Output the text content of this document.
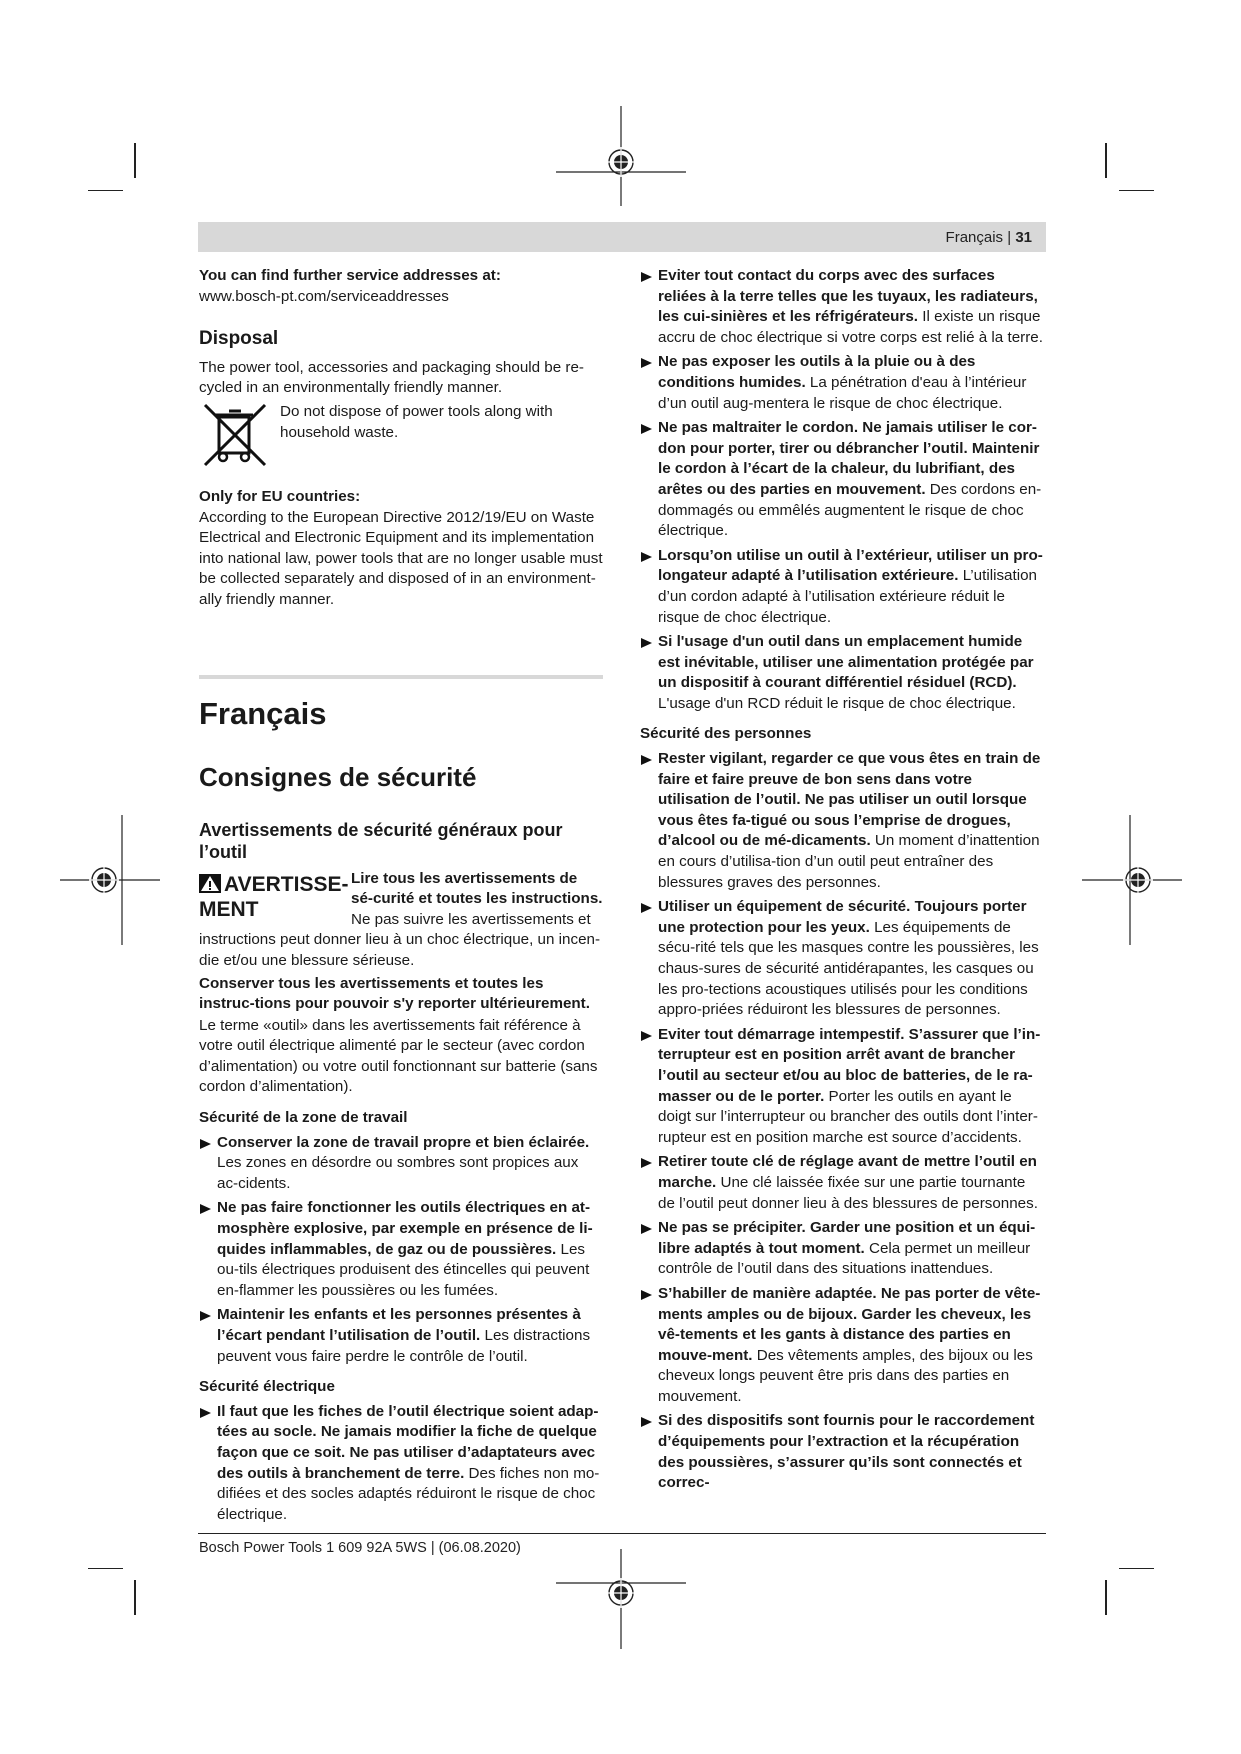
Français | 31

You can find further service addresses at:

www.bosch-pt.com/serviceaddresses

Disposal

The power tool, accessories and packaging should be re-cycled in an environmentally friendly manner.

Do not dispose of power tools along with household waste.

Only for EU countries:

According to the European Directive 2012/19/EU on Waste Electrical and Electronic Equipment and its implementation into national law, power tools that are no longer usable must be collected separately and disposed of in an environment-ally friendly manner.

Français
Consignes de sécurité
Avertissements de sécurité généraux pour l’outil
AVERTISSE-MENT

Lire tous les avertissements de sé-curité et toutes les instructions.

Ne pas suivre les avertissements et instructions peut donner lieu à un choc électrique, un incen-die et/ou une blessure sérieuse.

Conserver tous les avertissements et toutes les instruc-tions pour pouvoir s'y reporter ultérieurement.

Le terme «outil» dans les avertissements fait référence à votre outil électrique alimenté par le secteur (avec cordon d’alimentation) ou votre outil fonctionnant sur batterie (sans cordon d’alimentation).

Sécurité de la zone de travail

Conserver la zone de travail propre et bien éclairée. Les zones en désordre ou sombres sont propices aux ac-cidents.
Ne pas faire fonctionner les outils électriques en at-mosphère explosive, par exemple en présence de li-quides inflammables, de gaz ou de poussières. Les ou-tils électriques produisent des étincelles qui peuvent en-flammer les poussières ou les fumées.
Maintenir les enfants et les personnes présentes à l’écart pendant l’utilisation de l’outil. Les distractions peuvent vous faire perdre le contrôle de l’outil.

Sécurité électrique

Il faut que les fiches de l’outil électrique soient adap-tées au socle. Ne jamais modifier la fiche de quelque façon que ce soit. Ne pas utiliser d’adaptateurs avec des outils à branchement de terre. Des fiches non mo-difiées et des socles adaptés réduiront le risque de choc électrique.
Eviter tout contact du corps avec des surfaces reliées à la terre telles que les tuyaux, les radiateurs, les cui-sinières et les réfrigérateurs. Il existe un risque accru de choc électrique si votre corps est relié à la terre.
Ne pas exposer les outils à la pluie ou à des conditions humides. La pénétration d'eau à l’intérieur d’un outil aug-mentera le risque de choc électrique.
Ne pas maltraiter le cordon. Ne jamais utiliser le cor-don pour porter, tirer ou débrancher l’outil. Maintenir le cordon à l’écart de la chaleur, du lubrifiant, des arêtes ou des parties en mouvement. Des cordons en-dommagés ou emmêlés augmentent le risque de choc électrique.
Lorsqu’on utilise un outil à l’extérieur, utiliser un pro-longateur adapté à l’utilisation extérieure. L’utilisation d’un cordon adapté à l’utilisation extérieure réduit le risque de choc électrique.
Si l'usage d'un outil dans un emplacement humide est inévitable, utiliser une alimentation protégée par un dispositif à courant différentiel résiduel (RCD). L'usage d'un RCD réduit le risque de choc électrique.

Sécurité des personnes

Rester vigilant, regarder ce que vous êtes en train de faire et faire preuve de bon sens dans votre utilisation de l’outil. Ne pas utiliser un outil lorsque vous êtes fa-tigué ou sous l’emprise de drogues, d’alcool ou de mé-dicaments. Un moment d’inattention en cours d’utilisa-tion d’un outil peut entraîner des blessures graves des personnes.
Utiliser un équipement de sécurité. Toujours porter une protection pour les yeux. Les équipements de sécu-rité tels que les masques contre les poussières, les chaus-sures de sécurité antidérapantes, les casques ou les pro-tections acoustiques utilisés pour les conditions appro-priées réduiront les blessures de personnes.
Eviter tout démarrage intempestif. S’assurer que l’in-terrupteur est en position arrêt avant de brancher l’outil au secteur et/ou au bloc de batteries, de le ra-masser ou de le porter. Porter les outils en ayant le doigt sur l’interrupteur ou brancher des outils dont l’inter-rupteur est en position marche est source d’accidents.
Retirer toute clé de réglage avant de mettre l’outil en marche. Une clé laissée fixée sur une partie tournante de l’outil peut donner lieu à des blessures de personnes.
Ne pas se précipiter. Garder une position et un équi-libre adaptés à tout moment. Cela permet un meilleur contrôle de l’outil dans des situations inattendues.
S’habiller de manière adaptée. Ne pas porter de vête-ments amples ou de bijoux. Garder les cheveux, les vê-tements et les gants à distance des parties en mouve-ment. Des vêtements amples, des bijoux ou les cheveux longs peuvent être pris dans des parties en mouvement.
Si des dispositifs sont fournis pour le raccordement d’équipements pour l’extraction et la récupération des poussières, s’assurer qu’ils sont connectés et correc-
Bosch Power Tools 1 609 92A 5WS | (06.08.2020)
